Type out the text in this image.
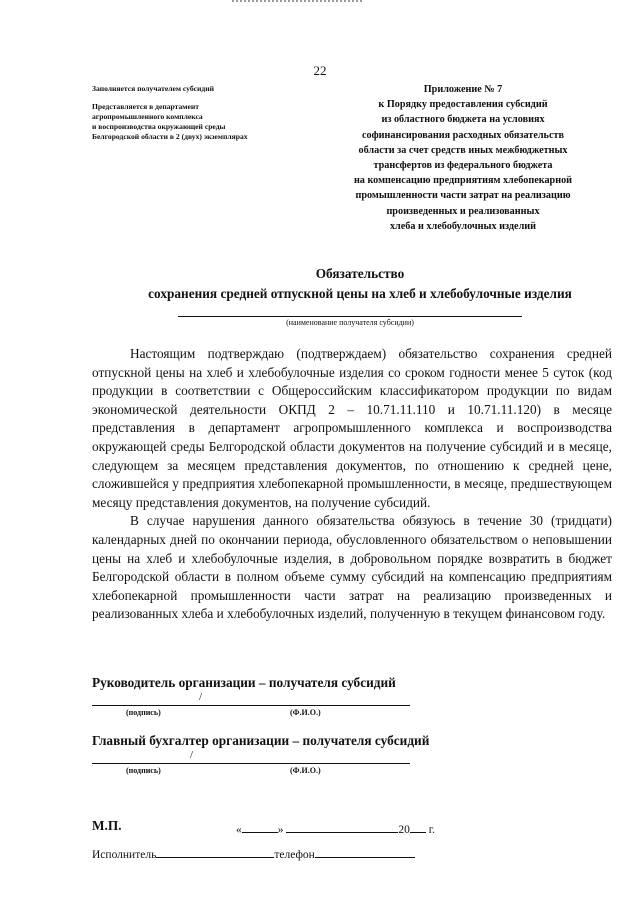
22
Заполняется получателем субсидий
Представляется в департамент
агропромышленного комплекса
и воспроизводства окружающей среды
Белгородской области в 2 (двух) экземплярах
Приложение № 7
к Порядку предоставления субсидий
из областного бюджета на условиях
софинансирования расходных обязательств
области за счет средств иных межбюджетных
трансфертов из федерального бюджета
на компенсацию предприятиям хлебопекарной
промышленности части затрат на реализацию
произведенных и реализованных
хлеба и хлебобулочных изделий
Обязательство
сохранения средней отпускной цены на хлеб и хлебобулочные изделия
(наименование получателя субсидии)

Настоящим подтверждаю (подтверждаем) обязательство сохранения средней отпускной цены на хлеб и хлебобулочные изделия со сроком годности менее 5 суток (код продукции в соответствии с Общероссийским классификатором продукции по видам экономической деятельности ОКПД 2 – 10.71.11.110 и 10.71.11.120) в месяце представления в департамент агропромышленного комплекса и воспроизводства окружающей среды Белгородской области документов на получение субсидий и в месяце, следующем за месяцем представления документов, по отношению к средней цене, сложившейся у предприятия хлебопекарной промышленности, в месяце, предшествующем месяцу представления документов, на получение субсидий.

В случае нарушения данного обязательства обязуюсь в течение 30 (тридцати) календарных дней по окончании периода, обусловленного обязательством о неповышении цены на хлеб и хлебобулочные изделия, в добровольном порядке возвратить в бюджет Белгородской области в полном объеме сумму субсидий на компенсацию предприятиям хлебопекарной промышленности части затрат на реализацию произведенных и реализованных хлеба и хлебобулочных изделий, полученную в текущем финансовом году.

Руководитель организации – получателя субсидий
/
(подпись)	(Ф.И.О.)
Главный бухгалтер организации – получателя субсидий
/
(подпись)	(Ф.И.О.)
М.П.	«	»	20 г.
Исполнитель	телефон
